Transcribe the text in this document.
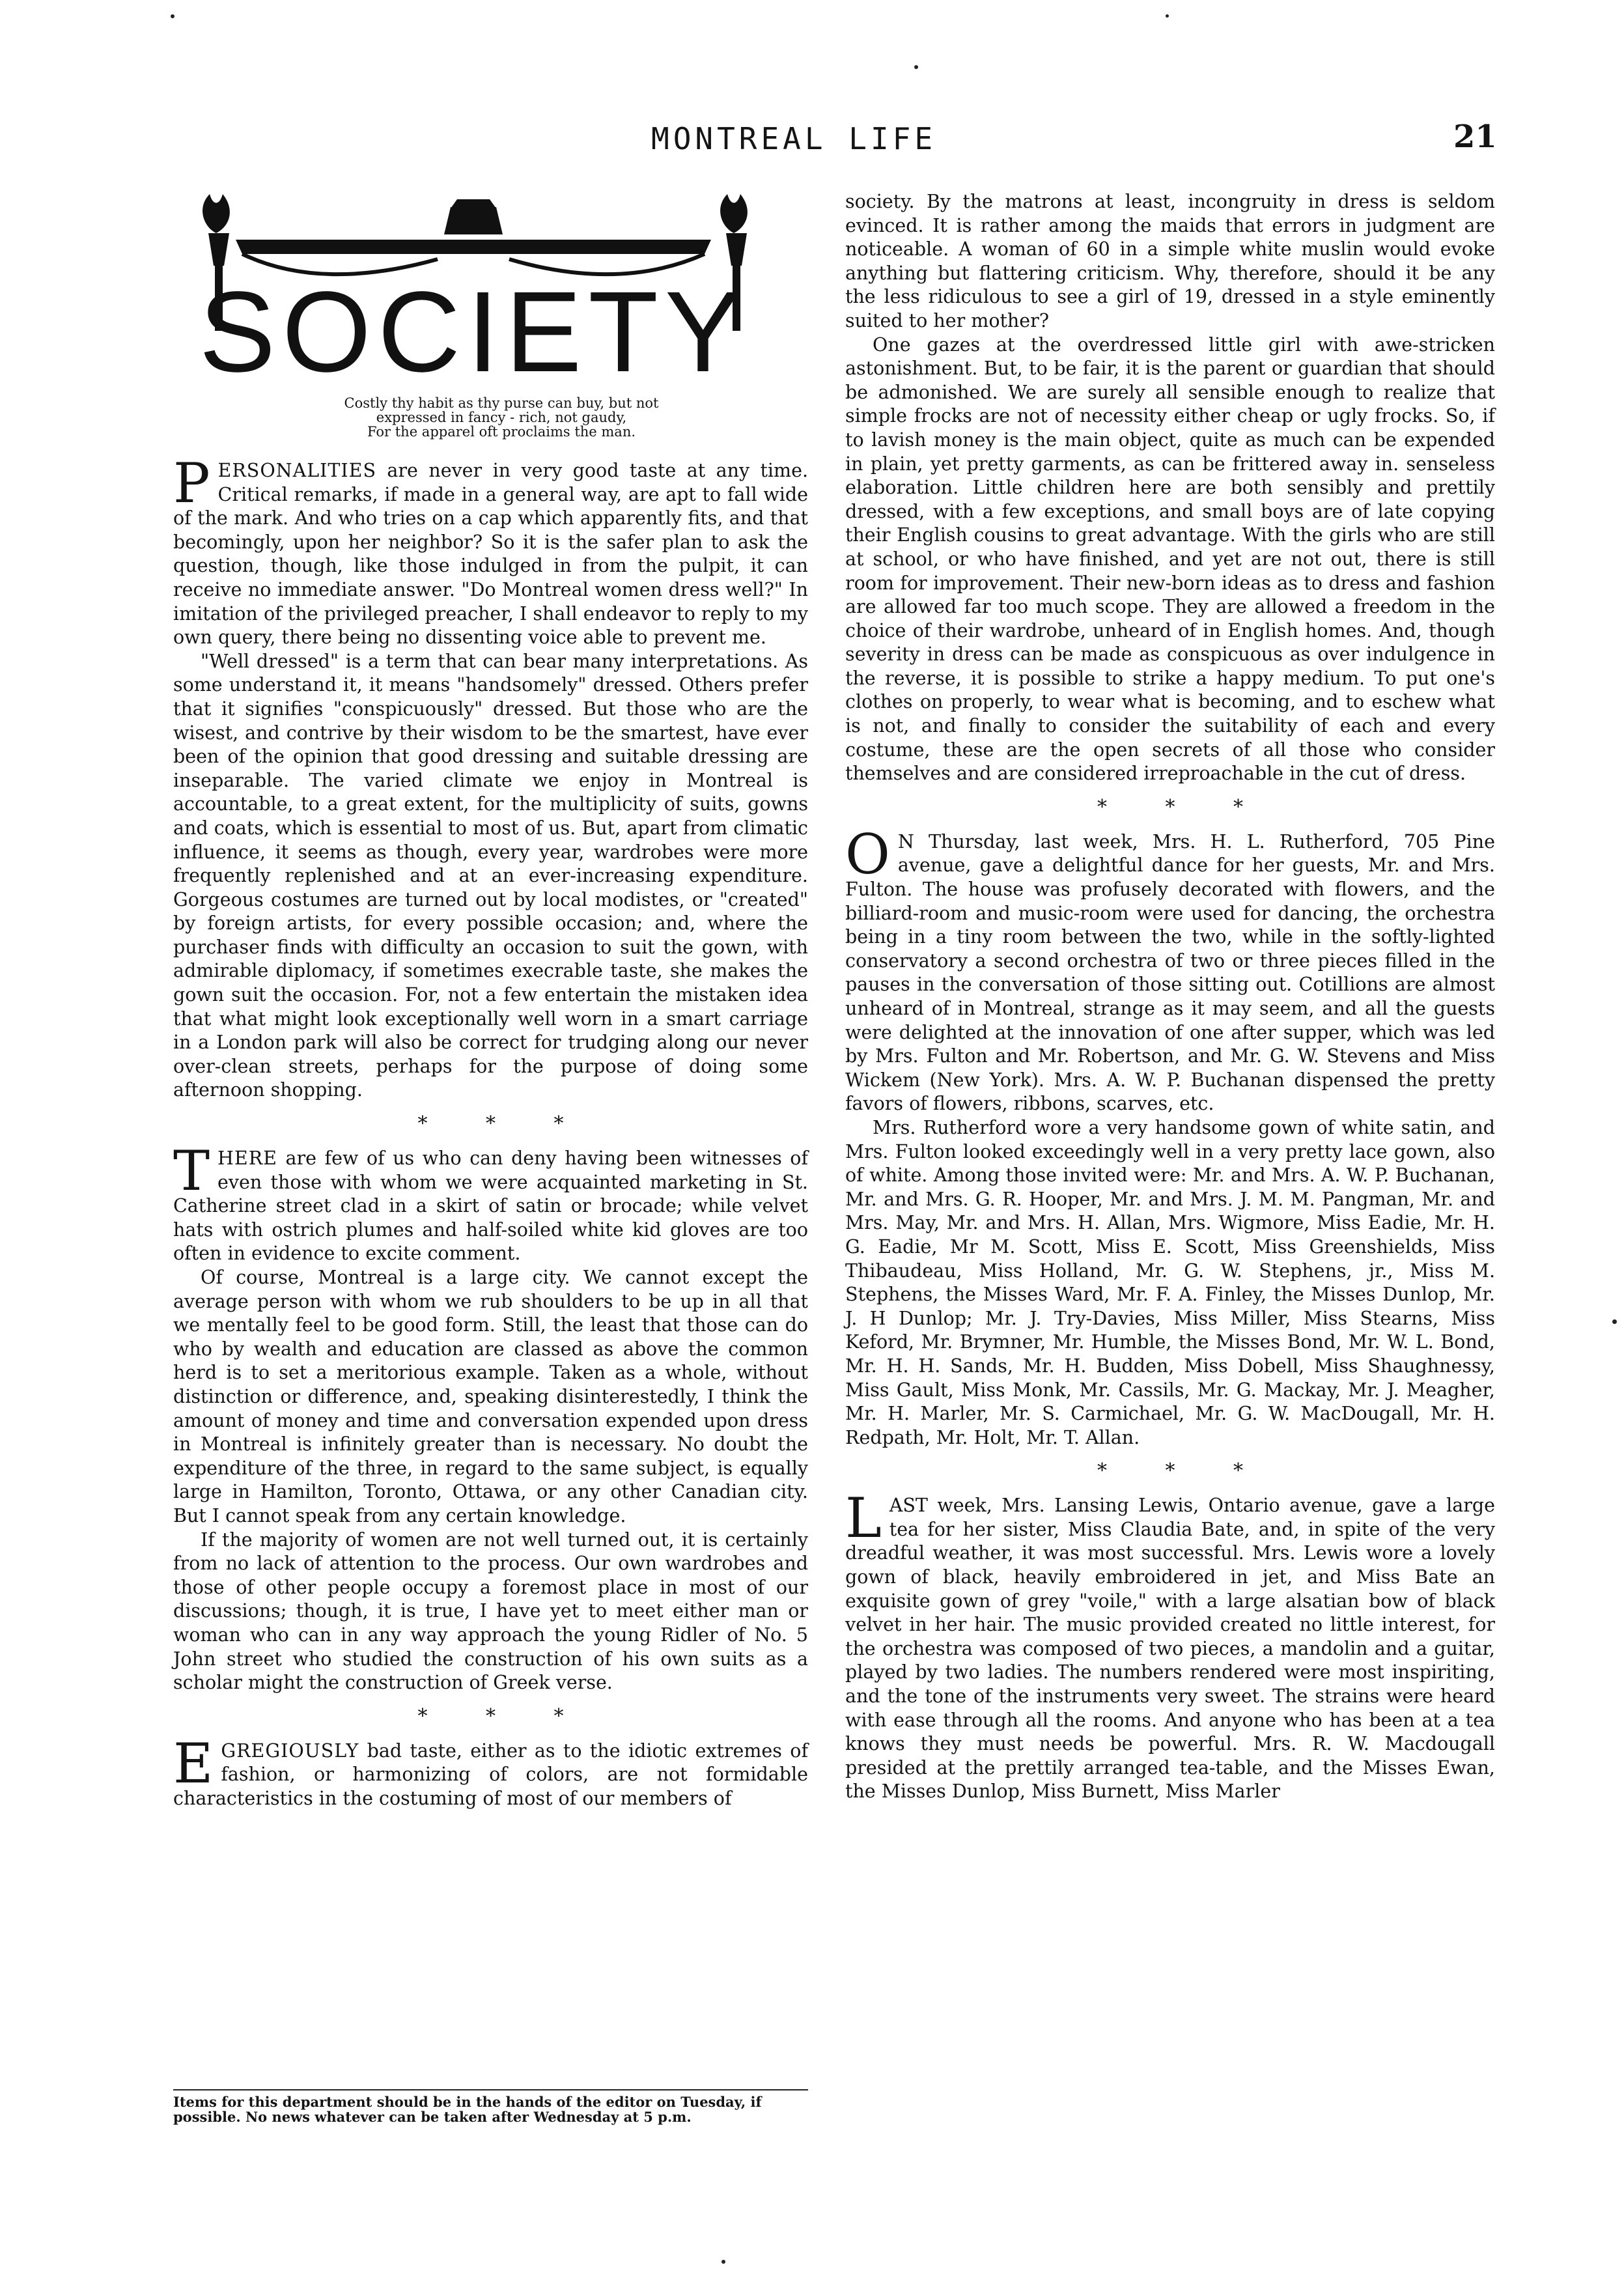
MONTREAL LIFE	21
SOCIETY
Costly thy habit as thy purse can buy, but not
expressed in fancy - rich, not gaudy,
For the apparel oft proclaims the man.

PERSONALITIES are never in very good taste at any time. Critical remarks, if made in a general way, are apt to fall wide of the mark. And who tries on a cap which apparently fits, and that becomingly, upon her neighbor? So it is the safer plan to ask the question, though, like those indulged in from the pulpit, it can receive no immediate answer. "Do Montreal women dress well?" In imitation of the privileged preacher, I shall endeavor to reply to my own query, there being no dissenting voice able to prevent me.

"Well dressed" is a term that can bear many interpretations. As some understand it, it means "handsomely" dressed. Others prefer that it signifies "conspicuously" dressed. But those who are the wisest, and contrive by their wisdom to be the smartest, have ever been of the opinion that good dressing and suitable dressing are inseparable. The varied climate we enjoy in Montreal is accountable, to a great extent, for the multiplicity of suits, gowns and coats, which is essential to most of us. But, apart from climatic influence, it seems as though, every year, wardrobes were more frequently replenished and at an ever-increasing expenditure. Gorgeous costumes are turned out by local modistes, or "created" by foreign artists, for every possible occasion; and, where the purchaser finds with difficulty an occasion to suit the gown, with admirable diplomacy, if sometimes execrable taste, she makes the gown suit the occasion. For, not a few entertain the mistaken idea that what might look exceptionally well worn in a smart carriage in a London park will also be correct for trudging along our never over-clean streets, perhaps for the purpose of doing some afternoon shopping.

* * *

THERE are few of us who can deny having been witnesses of even those with whom we were acquainted marketing in St. Catherine street clad in a skirt of satin or brocade; while velvet hats with ostrich plumes and half-soiled white kid gloves are too often in evidence to excite comment.

Of course, Montreal is a large city. We cannot except the average person with whom we rub shoulders to be up in all that we mentally feel to be good form. Still, the least that those can do who by wealth and education are classed as above the common herd is to set a meritorious example. Taken as a whole, without distinction or difference, and, speaking disinterestedly, I think the amount of money and time and conversation expended upon dress in Montreal is infinitely greater than is necessary. No doubt the expenditure of the three, in regard to the same subject, is equally large in Hamilton, Toronto, Ottawa, or any other Canadian city. But I cannot speak from any certain knowledge.

If the majority of women are not well turned out, it is certainly from no lack of attention to the process. Our own wardrobes and those of other people occupy a foremost place in most of our discussions; though, it is true, I have yet to meet either man or woman who can in any way approach the young Ridler of No. 5 John street who studied the construction of his own suits as a scholar might the construction of Greek verse.

* * *

EGREGIOUSLY bad taste, either as to the idiotic extremes of fashion, or harmonizing of colors, are not formidable characteristics in the costuming of most of our members of

Items for this department should be in the hands of the editor on Tuesday, if possible. No news whatever can be taken after Wednesday at 5 p.m.

society. By the matrons at least, incongruity in dress is seldom evinced. It is rather among the maids that errors in judgment are noticeable. A woman of 60 in a simple white muslin would evoke anything but flattering criticism. Why, therefore, should it be any the less ridiculous to see a girl of 19, dressed in a style eminently suited to her mother?

One gazes at the overdressed little girl with awe-stricken astonishment. But, to be fair, it is the parent or guardian that should be admonished. We are surely all sensible enough to realize that simple frocks are not of necessity either cheap or ugly frocks. So, if to lavish money is the main object, quite as much can be expended in plain, yet pretty garments, as can be frittered away in. senseless elaboration. Little children here are both sensibly and prettily dressed, with a few exceptions, and small boys are of late copying their English cousins to great advantage. With the girls who are still at school, or who have finished, and yet are not out, there is still room for improvement. Their new-born ideas as to dress and fashion are allowed far too much scope. They are allowed a freedom in the choice of their wardrobe, unheard of in English homes. And, though severity in dress can be made as conspicuous as over indulgence in the reverse, it is possible to strike a happy medium. To put one's clothes on properly, to wear what is becoming, and to eschew what is not, and finally to consider the suitability of each and every costume, these are the open secrets of all those who consider themselves and are considered irreproachable in the cut of dress.

* * *

O N Thursday, last week, Mrs. H. L. Rutherford, 705 Pine avenue, gave a delightful dance for her guests, Mr. and Mrs. Fulton. The house was profusely decorated with flowers, and the billiard-room and music-room were used for dancing, the orchestra being in a tiny room between the two, while in the softly-lighted conservatory a second orchestra of two or three pieces filled in the pauses in the conversation of those sitting out. Cotillions are almost unheard of in Montreal, strange as it may seem, and all the guests were delighted at the innovation of one after supper, which was led by Mrs. Fulton and Mr. Robertson, and Mr. G. W. Stevens and Miss Wickem (New York). Mrs. A. W. P. Buchanan dispensed the pretty favors of flowers, ribbons, scarves, etc.

Mrs. Rutherford wore a very handsome gown of white satin, and Mrs. Fulton looked exceedingly well in a very pretty lace gown, also of white. Among those invited were: Mr. and Mrs. A. W. P. Buchanan, Mr. and Mrs. G. R. Hooper, Mr. and Mrs. J. M. M. Pangman, Mr. and Mrs. May, Mr. and Mrs. H. Allan, Mrs. Wigmore, Miss Eadie, Mr. H. G. Eadie, Mr M. Scott, Miss E. Scott, Miss Greenshields, Miss Thibaudeau, Miss Holland, Mr. G. W. Stephens, jr., Miss M. Stephens, the Misses Ward, Mr. F. A. Finley, the Misses Dunlop, Mr. J. H Dunlop; Mr. J. Try-Davies, Miss Miller, Miss Stearns, Miss Keford, Mr. Brymner, Mr. Humble, the Misses Bond, Mr. W. L. Bond, Mr. H. H. Sands, Mr. H. Budden, Miss Dobell, Miss Shaughnessy, Miss Gault, Miss Monk, Mr. Cassils, Mr. G. Mackay, Mr. J. Meagher, Mr. H. Marler, Mr. S. Carmichael, Mr. G. W. MacDougall, Mr. H. Redpath, Mr. Holt, Mr. T. Allan.

* * *

LAST week, Mrs. Lansing Lewis, Ontario avenue, gave a large tea for her sister, Miss Claudia Bate, and, in spite of the very dreadful weather, it was most successful. Mrs. Lewis wore a lovely gown of black, heavily embroidered in jet, and Miss Bate an exquisite gown of grey "voile," with a large alsatian bow of black velvet in her hair. The music provided created no little interest, for the orchestra was composed of two pieces, a mandolin and a guitar, played by two ladies. The numbers rendered were most inspiriting, and the tone of the instruments very sweet. The strains were heard with ease through all the rooms. And anyone who has been at a tea knows they must needs be powerful. Mrs. R. W. Macdougall presided at the prettily arranged tea-table, and the Misses Ewan, the Misses Dunlop, Miss Burnett, Miss Marler
